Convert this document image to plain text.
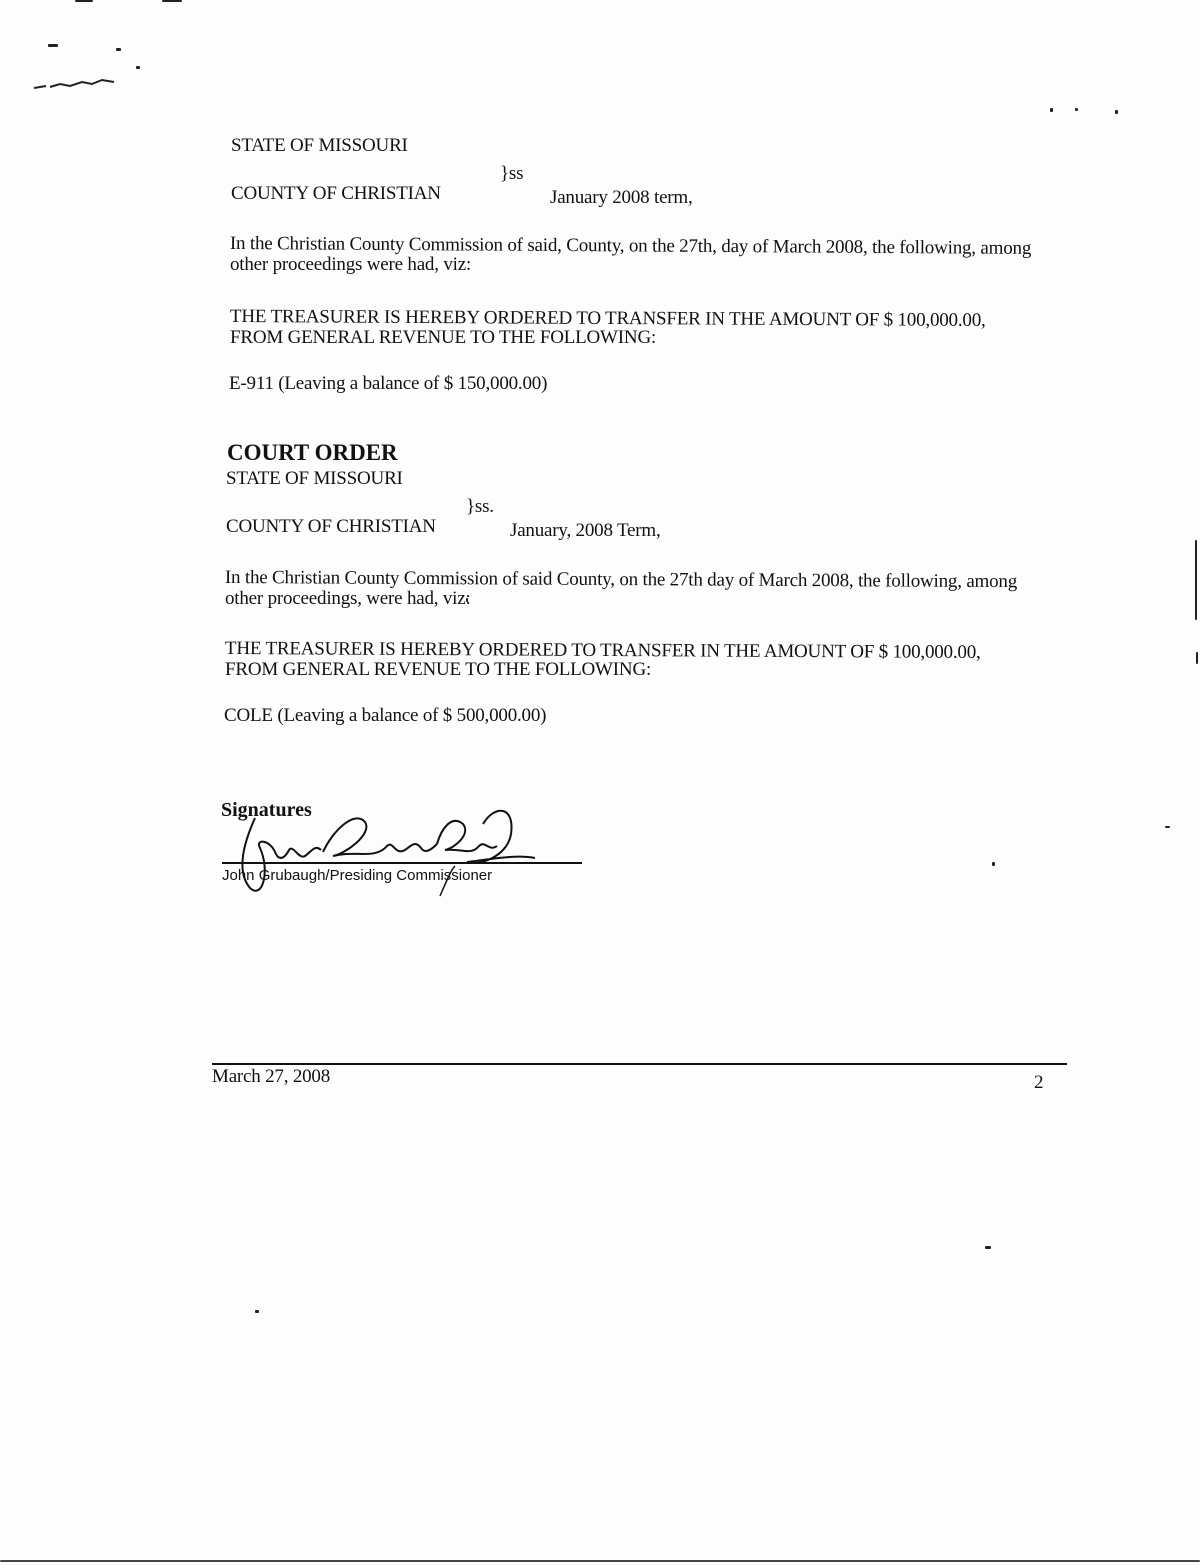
STATE OF MISSOURI
}ss
COUNTY OF CHRISTIAN	January 2008 term,
In the Christian County Commission of said, County, on the 27th, day of March 2008, the following, among
other proceedings were had, viz:
THE TREASURER IS HEREBY ORDERED TO TRANSFER IN THE AMOUNT OF $ 100,000.00,
FROM GENERAL REVENUE TO THE FOLLOWING:
E-911 (Leaving a balance of $ 150,000.00)
COURT ORDER
STATE OF MISSOURI
}ss.
COUNTY OF CHRISTIAN	January, 2008 Term,
In the Christian County Commission of said County, on the 27th day of March 2008, the following, among
other proceedings, were had, viz:
THE TREASURER IS HEREBY ORDERED TO TRANSFER IN THE AMOUNT OF $ 100,000.00,
FROM GENERAL REVENUE TO THE FOLLOWING:
COLE (Leaving a balance of $ 500,000.00)
Signatures
John Grubaugh/Presiding Commissioner
March 27, 2008	2
